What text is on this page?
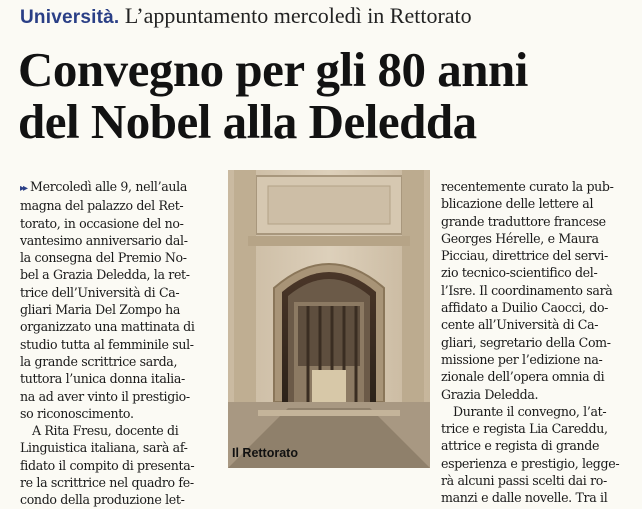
Università. L’appuntamento mercoledì in Rettorato
Convegno per gli 80 anni
del Nobel alla Deledda
▸▸ Mercoledì alle 9, nell’aula
magna del palazzo del Ret-
torato, in occasione del no-
vantesimo anniversario dal-
la consegna del Premio No-
bel a Grazia Deledda, la ret-
trice dell’Università di Ca-
gliari Maria Del Zompo ha
organizzato una mattinata di
studio tutta al femminile sul-
la grande scrittrice sarda,
tuttora l’unica donna italia-
na ad aver vinto il prestigio-
so riconoscimento.
A Rita Fresu, docente di
Linguistica italiana, sarà af-
fidato il compito di presenta-
re la scrittrice nel quadro fe-
condo della produzione let-
Il Rettorato
recentemente curato la pub-
blicazione delle lettere al
grande traduttore francese
Georges Hérelle, e Maura
Picciau, direttrice del servi-
zio tecnico-scientifico del-
l’Isre. Il coordinamento sarà
affidato a Duilio Caocci, do-
cente all’Università di Ca-
gliari, segretario della Com-
missione per l’edizione na-
zionale dell’opera omnia di
Grazia Deledda.
Durante il convegno, l’at-
trice e regista Lia Careddu,
attrice e regista di grande
esperienza e prestigio, legge-
rà alcuni passi scelti dai ro-
manzi e dalle novelle. Tra il
